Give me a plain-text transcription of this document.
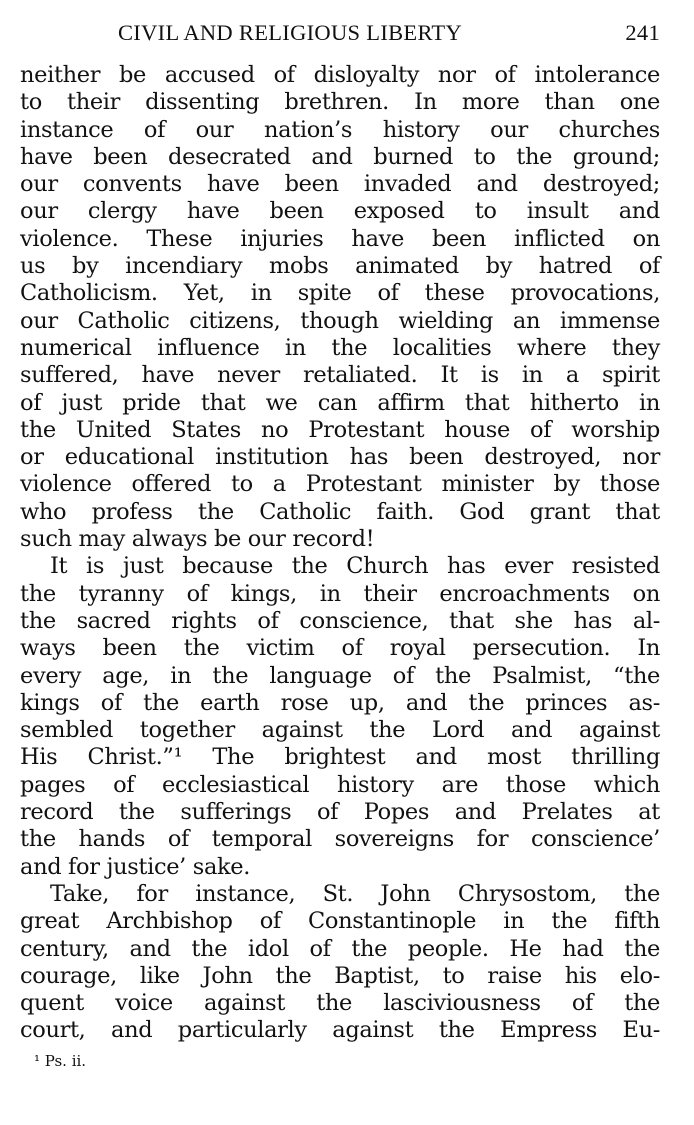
CIVIL AND RELIGIOUS LIBERTY	241
neither be accused of disloyalty nor of intolerance
to their dissenting brethren. In more than one
instance of our nation’s history our churches
have been desecrated and burned to the ground;
our convents have been invaded and destroyed;
our clergy have been exposed to insult and
violence. These injuries have been inflicted on
us by incendiary mobs animated by hatred of
Catholicism. Yet, in spite of these provocations,
our Catholic citizens, though wielding an immense
numerical influence in the localities where they
suffered, have never retaliated. It is in a spirit
of just pride that we can affirm that hitherto in
the United States no Protestant house of worship
or educational institution has been destroyed, nor
violence offered to a Protestant minister by those
who profess the Catholic faith. God grant that
such may always be our record!
It is just because the Church has ever resisted
the tyranny of kings, in their encroachments on
the sacred rights of conscience, that she has al-
ways been the victim of royal persecution. In
every age, in the language of the Psalmist, “the
kings of the earth rose up, and the princes as-
sembled together against the Lord and against
His Christ.”¹ The brightest and most thrilling
pages of ecclesiastical history are those which
record the sufferings of Popes and Prelates at
the hands of temporal sovereigns for conscience’
and for justice’ sake.
Take, for instance, St. John Chrysostom, the
great Archbishop of Constantinople in the fifth
century, and the idol of the people. He had the
courage, like John the Baptist, to raise his elo-
quent voice against the lasciviousness of the
court, and particularly against the Empress Eu-
¹ Ps. ii.
